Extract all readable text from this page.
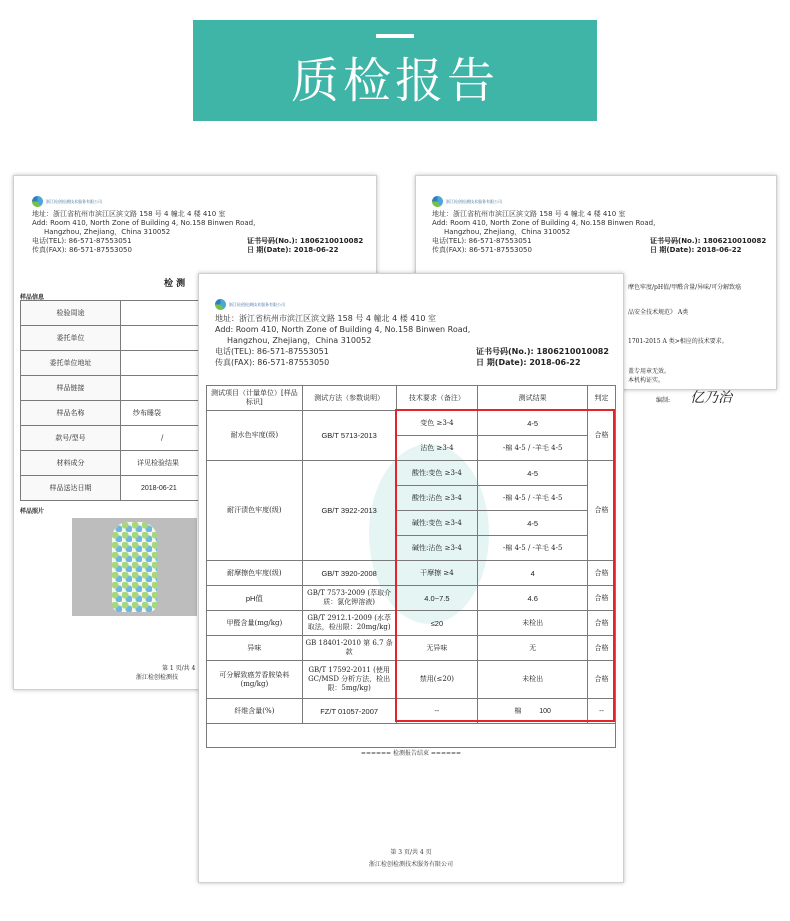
质检报告
浙江检创检测技术服务有限公司
地址：浙江省杭州市滨江区滨文路 158 号 4 幢北 4 楼 410 室
Add: Room 410, North Zone of Building 4, No.158 Binwen Road,
Hangzhou, Zhejiang，China 310052
电话(TEL): 86-571-87553051
传真(FAX): 86-571-87553050
证书号码(No.): 1806210010082
日 期(Date): 2018-06-22
检 测
样品信息
检验周途	
委托单位	
委托单位地址	
样品链接	
样品名称	纱布睡袋
款号/型号	/
材料成分	详见检验结果
样品送达日期	2018-06-21
样品照片
第 1 页/共 4
浙江检创检测技
浙江检创检测技术服务有限公司
地址：浙江省杭州市滨江区滨文路 158 号 4 幢北 4 楼 410 室
Add: Room 410, North Zone of Building 4, No.158 Binwen Road,
Hangzhou, Zhejiang，China 310052
电话(TEL): 86-571-87553051
传真(FAX): 86-571-87553050
证书号码(No.): 1806210010082
日 期(Date): 2018-06-22
摩色牢度/pH值/甲醛含量/异味/可分解致癌
品安全技术规范》 A类
1701-2015 A 类>相应的技术要求。
盖专用章无效。
本机构证实。
编制: 亿乃治
浙江检创检测技术服务有限公司
地址：浙江省杭州市滨江区滨文路 158 号 4 幢北 4 楼 410 室
Add: Room 410, North Zone of Building 4, No.158 Binwen Road,
Hangzhou, Zhejiang，China 310052
电话(TEL): 86-571-87553051
传真(FAX): 86-571-87553050
证书号码(No.): 1806210010082
日 期(Date): 2018-06-22
测试项目（计量单位）[样品标识]	测试方法（参数说明）	技术要求（备注）	测试结果	判定
耐水色牢度(级)	GB/T 5713-2013	变色 ≥3-4	4-5	合格
		沾色 ≥3-4	-棉 4-5 / -羊毛 4-5	
耐汗渍色牢度(级)	GB/T 3922-2013	酸性:变色 ≥3-4	4-5	合格
		酸性:沾色 ≥3-4	-棉 4-5 / -羊毛 4-5	
		碱性:变色 ≥3-4	4-5	
		碱性:沾色 ≥3-4	-棉 4-5 / -羊毛 4-5	
耐摩擦色牢度(级)	GB/T 3920-2008	干摩擦 ≥4	4	合格
pH值	GB/T 7573-2009 (萃取介质：氯化钾溶液)	4.0~7.5	4.6	合格
甲醛含量(mg/kg)	GB/T 2912.1-2009 (水萃取法，检出限：20mg/kg)	≤20	未检出	合格
异味	GB 18401-2010 第 6.7 条款	无异味	无	合格
可分解致癌芳香胺染料(mg/kg)	GB/T 17592-2011 (使用 GC/MSD 分析方法，检出限：5mg/kg)	禁用(≤20)	未检出	合格
纤维含量(%)	FZ/T 01057-2007	--	棉 100	--

====== 检测报告结束 ======
第 3 页/共 4 页
浙江检创检测技术服务有限公司
